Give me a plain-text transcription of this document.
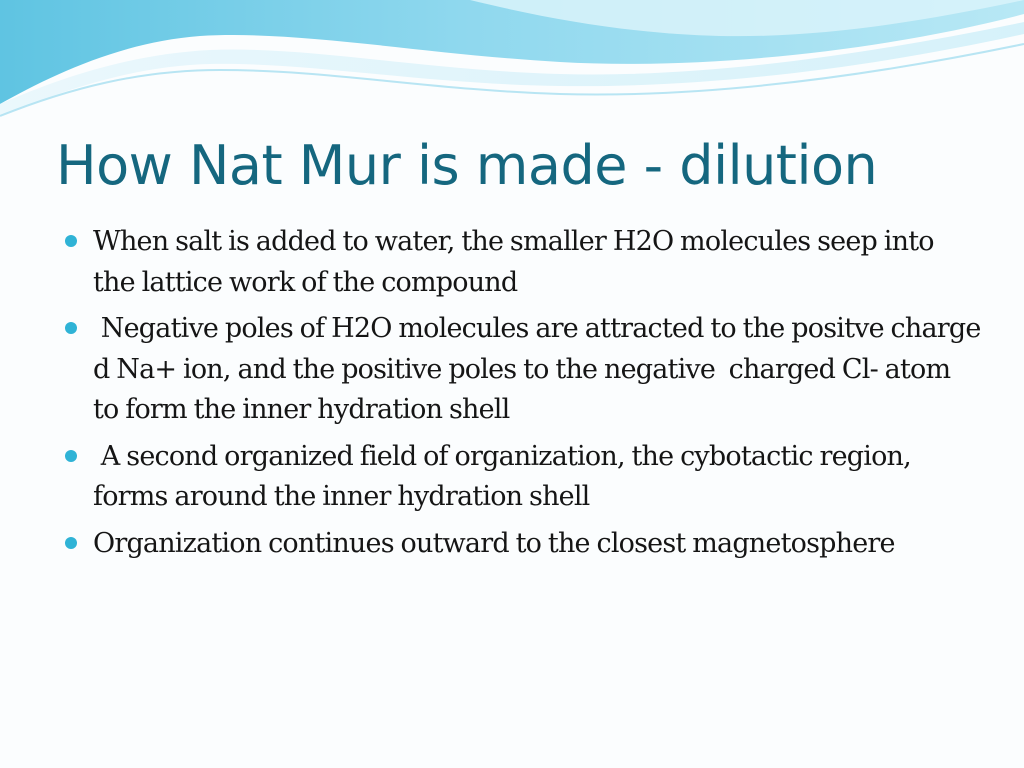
How Nat Mur is made - dilution
When salt is added to water, the smaller H2O molecules seep into the lattice work of the compound
Negative poles of H2O molecules are attracted to the positve charge d Na+ ion, and the positive poles to the negative  charged Cl- atom to form the inner hydration shell
A second organized field of organization, the cybotactic region, forms around the inner hydration shell
Organization continues outward to the closest magnetosphere
